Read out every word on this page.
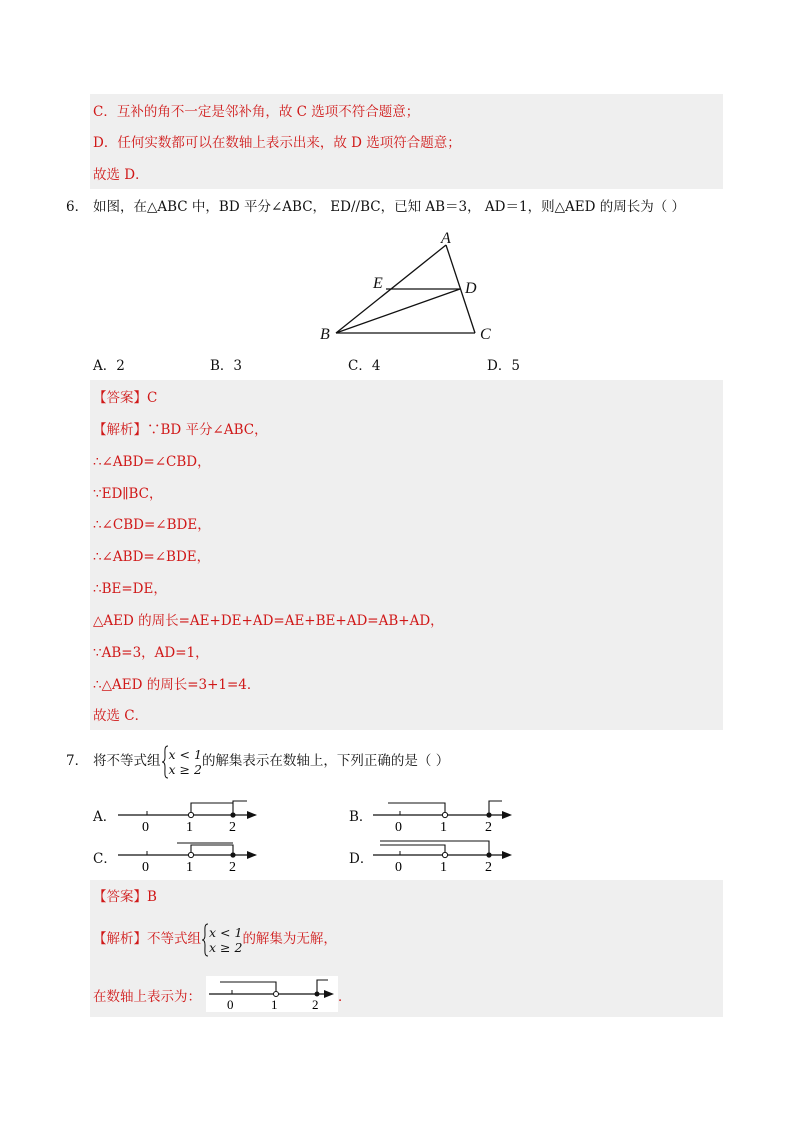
C．互补的角不一定是邻补角，故 C 选项不符合题意；
D．任何实数都可以在数轴上表示出来，故 D 选项符合题意；
故选 D．
6． 如图，在△ABC 中，BD 平分∠ABC， ED//BC，已知 AB＝3， AD＝1，则△AED 的周长为（ ）
A
E	D
B	C
A．2	B．3	C．4	D．5
【答案】C
【解析】∵BD 平分∠ABC，
∴∠ABD=∠CBD，
∵ED∥BC，
∴∠CBD=∠BDE，
∴∠ABD=∠BDE，
∴BE=DE，
△AED 的周长=AE+DE+AD=AE+BE+AD=AB+AD，
∵AB=3，AD=1，
∴△AED 的周长=3+1=4．
故选 C．
7． 将不等式组 x < 1
x ≥ 2的解集表示在数轴上，下列正确的是（ ）
A．	B．
C．	D．
0	1	2	0	1	2
0	1	2	0	1	2
【答案】B
【解析】不等式组 x < 1
x ≥ 2的解集为无解，
在数轴上表示为： 0	1	2 ．
